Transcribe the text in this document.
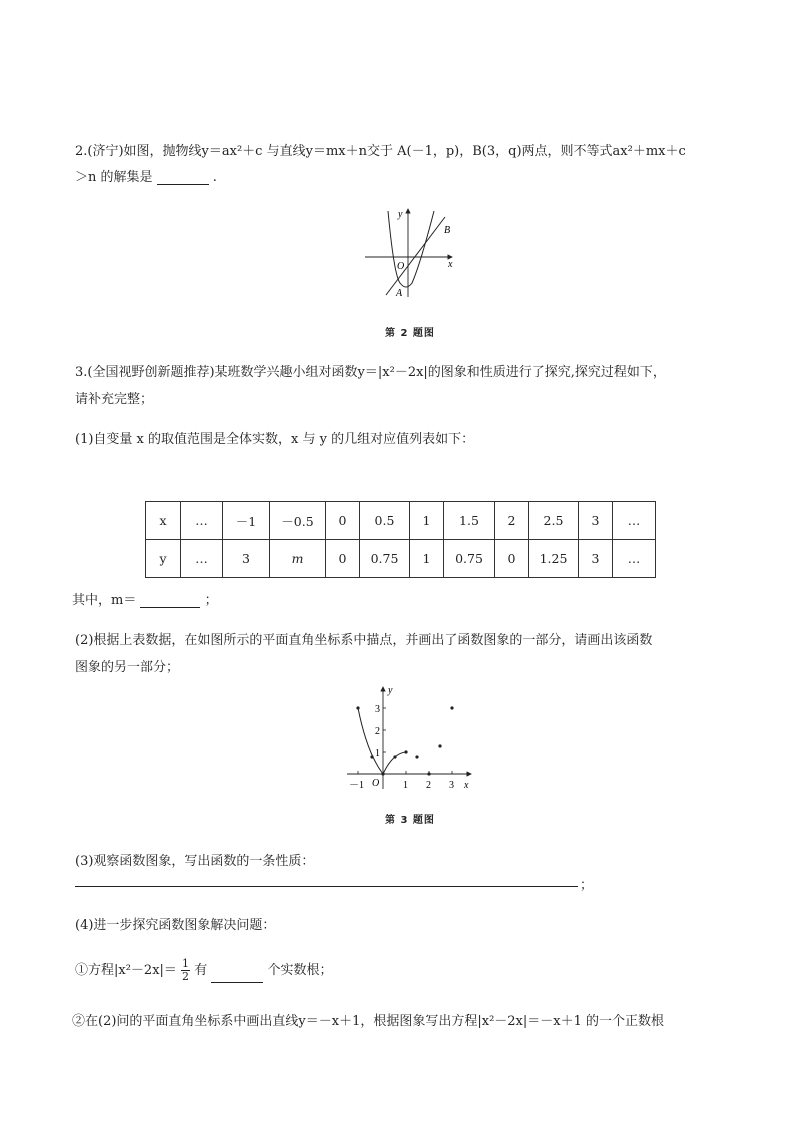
2.(济宁)如图，抛物线y＝ax²＋c 与直线y＝mx＋n交于 A(－1，p)，B(3，q)两点，则不等式ax²＋mx＋c
＞n 的解集是	.
y
x
O
A
B
第 2 题图
3.(全国视野创新题推荐)某班数学兴趣小组对函数y＝|x²－2x|的图象和性质进行了探究,探究过程如下，
请补充完整；
(1)自变量 x 的取值范围是全体实数，x 与 y 的几组对应值列表如下：
x	…	－1	－0.5	0	0.5	1	1.5	2	2.5	3	…
y	…	3	m	0	0.75	1	0.75	0	1.25	3	…
其中，m＝	；
(2)根据上表数据，在如图所示的平面直角坐标系中描点，并画出了函数图象的一部分，请画出该函数
图象的另一部分；
y
x
O
－1	1 2 3
1
2
3
第 3 题图
(3)观察函数图象，写出函数的一条性质：
；
(4)进一步探究函数图象解决问题：
①方程$|x^2-2x|= \frac{1}{2}$ 有	个实数根；
②在(2)问的平面直角坐标系中画出直线y＝－x＋1，根据图象写出方程|x²－2x|＝－x＋1 的一个正数根
